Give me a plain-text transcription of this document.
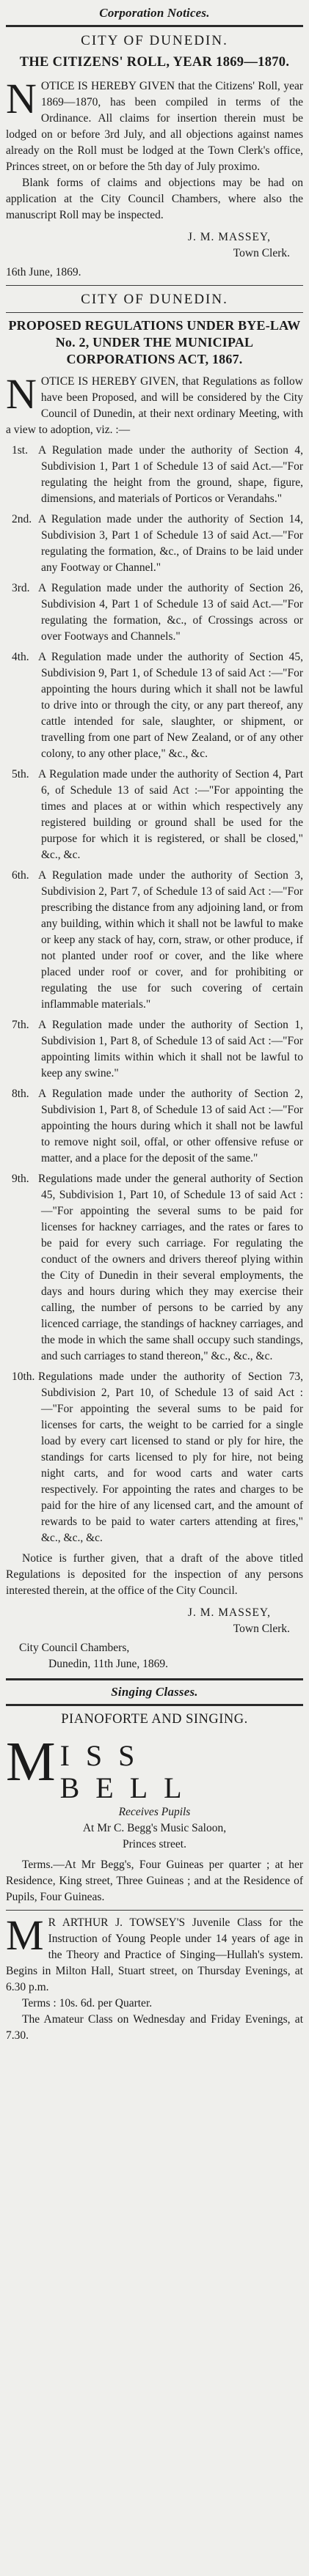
Corporation Notices.
CITY OF DUNEDIN.
THE CITIZENS' ROLL, YEAR 1869—1870.

NOTICE IS HEREBY GIVEN that the Citizens' Roll, year 1869—1870, has been compiled in terms of the Ordinance. All claims for insertion therein must be lodged on or before 3rd July, and all objections against names already on the Roll must be lodged at the Town Clerk's office, Princes street, on or before the 5th day of July proximo.

Blank forms of claims and objections may be had on application at the City Council Chambers, where also the manuscript Roll may be inspected.

J. M. MASSEY,
Town Clerk.
16th June, 1869.
CITY OF DUNEDIN.
PROPOSED REGULATIONS UNDER BYE-LAW No. 2, UNDER THE MUNICIPAL CORPORATIONS ACT, 1867.

NOTICE IS HEREBY GIVEN, that Regulations as follow have been Proposed, and will be considered by the City Council of Dunedin, at their next ordinary Meeting, with a view to adoption, viz. :—

1st. A Regulation made under the authority of Section 4, Subdivision 1, Part 1 of Schedule 13 of said Act.—"For regulating the height from the ground, shape, figure, dimensions, and materials of Porticos or Verandahs."

2nd. A Regulation made under the authority of Section 14, Subdivision 3, Part 1 of Schedule 13 of said Act.—"For regulating the formation, &c., of Drains to be laid under any Footway or Channel."

3rd. A Regulation made under the authority of Section 26, Subdivision 4, Part 1 of Schedule 13 of said Act.—"For regulating the formation, &c., of Crossings across or over Footways and Channels."

4th. A Regulation made under the authority of Section 45, Subdivision 9, Part 1, of Schedule 13 of said Act :—"For appointing the hours during which it shall not be lawful to drive into or through the city, or any part thereof, any cattle intended for sale, slaughter, or shipment, or travelling from one part of New Zealand, or of any other colony, to any other place," &c., &c.

5th. A Regulation made under the authority of Section 4, Part 6, of Schedule 13 of said Act :—"For appointing the times and places at or within which respectively any registered building or ground shall be used for the purpose for which it is registered, or shall be closed," &c., &c.

6th. A Regulation made under the authority of Section 3, Subdivision 2, Part 7, of Schedule 13 of said Act :—"For prescribing the distance from any adjoining land, or from any building, within which it shall not be lawful to make or keep any stack of hay, corn, straw, or other produce, if not planted under roof or cover, and the like where placed under roof or cover, and for prohibiting or regulating the use for such covering of certain inflammable materials."

7th. A Regulation made under the authority of Section 1, Subdivision 1, Part 8, of Schedule 13 of said Act :—"For appointing limits within which it shall not be lawful to keep any swine."

8th. A Regulation made under the authority of Section 2, Subdivision 1, Part 8, of Schedule 13 of said Act :—"For appointing the hours during which it shall not be lawful to remove night soil, offal, or other offensive refuse or matter, and a place for the deposit of the same."

9th. Regulations made under the general authority of Section 45, Subdivision 1, Part 10, of Schedule 13 of said Act :—"For appointing the several sums to be paid for licenses for hackney carriages, and the rates or fares to be paid for every such carriage. For regulating the conduct of the owners and drivers thereof plying within the City of Dunedin in their several employments, the days and hours during which they may exercise their calling, the number of persons to be carried by any licenced carriage, the standings of hackney carriages, and the mode in which the same shall occupy such standings, and such carriages to stand thereon," &c., &c., &c.

10th. Regulations made under the authority of Section 73, Subdivision 2, Part 10, of Schedule 13 of said Act :—"For appointing the several sums to be paid for licenses for carts, the weight to be carried for a single load by every cart licensed to stand or ply for hire, the standings for carts licensed to ply for hire, not being night carts, and for wood carts and water carts respectively. For appointing the rates and charges to be paid for the hire of any licensed cart, and the amount of rewards to be paid to water carters attending at fires," &c., &c., &c.

Notice is further given, that a draft of the above titled Regulations is deposited for the inspection of any persons interested therein, at the office of the City Council.

J. M. MASSEY,
Town Clerk.
City Council Chambers,
Dunedin, 11th June, 1869.
Singing Classes.
PIANOFORTE AND SINGING.
M ISS BELL
Receives Pupils
At Mr C. Begg's Music Saloon,
Princes street.

Terms.—At Mr Begg's, Four Guineas per quarter ; at her Residence, King street, Three Guineas ; and at the Residence of Pupils, Four Guineas.

M R ARTHUR J. TOWSEY'S Juvenile Class for the Instruction of Young People under 14 years of age in the Theory and Practice of Singing—Hullah's system. Begins in Milton Hall, Stuart street, on Thursday Evenings, at 6.30 p.m.

Terms : 10s. 6d. per Quarter.

The Amateur Class on Wednesday and Friday Evenings, at 7.30.
